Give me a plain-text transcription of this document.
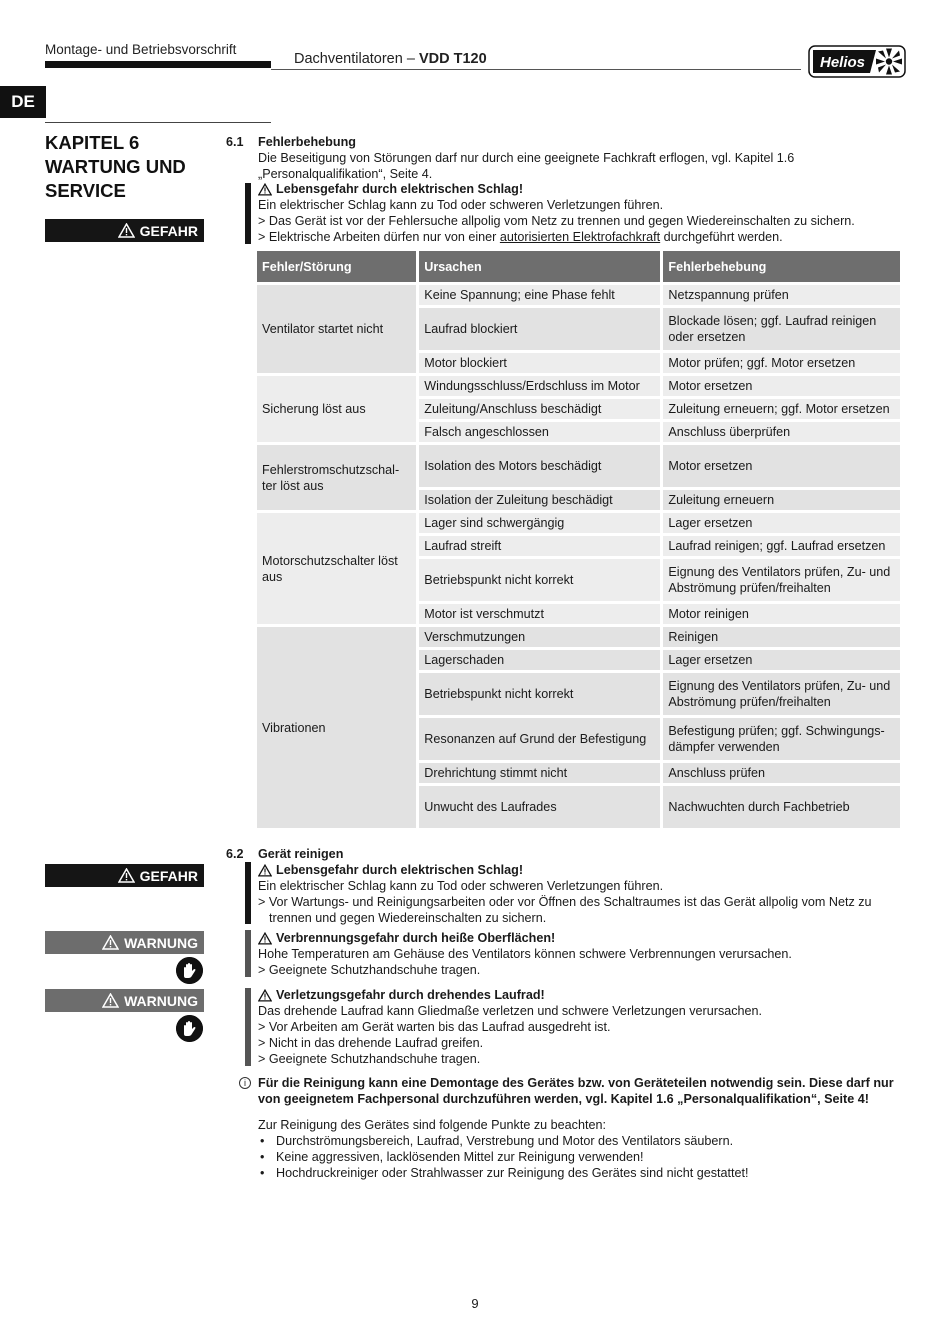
Montage- und Betriebsvorschrift
Dachventilatoren – VDD T120	Helios
DE
KAPITEL 6
WARTUNG UND
SERVICE
GEFAHR
6.1 Fehlerbehebung
Die Beseitigung von Störungen darf nur durch eine geeignete Fachkraft erflogen, vgl. Kapitel 1.6 „Personalqualifikation“, Seite 4.
Lebensgefahr durch elektrischen Schlag!
Ein elektrischer Schlag kann zu Tod oder schweren Verletzungen führen.
> Das Gerät ist vor der Fehlersuche allpolig vom Netz zu trennen und gegen Wiedereinschalten zu sichern.
> Elektrische Arbeiten dürfen nur von einer autorisierten Elektrofachkraft durchgeführt werden.
Fehler/Störung	Ursachen	Fehlerbehebung
Ventilator startet nicht	Keine Spannung; eine Phase fehlt	Netzspannung prüfen
	Laufrad blockiert	Blockade lösen; ggf. Laufrad reinigen oder ersetzen
	Motor blockiert	Motor prüfen; ggf. Motor ersetzen
Sicherung löst aus	Windungsschluss/Erdschluss im Motor	Motor ersetzen
	Zuleitung/Anschluss beschädigt	Zuleitung erneuern; ggf. Motor ersetzen
	Falsch angeschlossen	Anschluss überprüfen
Fehlerstromschutzschal-ter löst aus	Isolation des Motors beschädigt	Motor ersetzen
	Isolation der Zuleitung beschädigt	Zuleitung erneuern
Motorschutzschalter löst aus	Lager sind schwergängig	Lager ersetzen
	Laufrad streift	Laufrad reinigen; ggf. Laufrad ersetzen
	Betriebspunkt nicht korrekt	Eignung des Ventilators prüfen, Zu- und Abströmung prüfen/freihalten
	Motor ist verschmutzt	Motor reinigen
Vibrationen	Verschmutzungen	Reinigen
	Lagerschaden	Lager ersetzen
	Betriebspunkt nicht korrekt	Eignung des Ventilators prüfen, Zu- und Abströmung prüfen/freihalten
	Resonanzen auf Grund der Befestigung	Befestigung prüfen; ggf. Schwingungs-dämpfer verwenden
	Drehrichtung stimmt nicht	Anschluss prüfen
	Unwucht des Laufrades	Nachwuchten durch Fachbetrieb
6.2 Gerät reinigen
GEFAHR	Lebensgefahr durch elektrischen Schlag!
Ein elektrischer Schlag kann zu Tod oder schweren Verletzungen führen.
> Vor Wartungs- und Reinigungsarbeiten oder vor Öffnen des Schaltraumes ist das Gerät allpolig vom Netz zu trennen und gegen Wiedereinschalten zu sichern.
WARNUNG	Verbrennungsgefahr durch heiße Oberflächen!
Hohe Temperaturen am Gehäuse des Ventilators können schwere Verbrennungen verursachen.
> Geeignete Schutzhandschuhe tragen.
WARNUNG	Verletzungsgefahr durch drehendes Laufrad!
Das drehende Laufrad kann Gliedmaße verletzen und schwere Verletzungen verursachen.
> Vor Arbeiten am Gerät warten bis das Laufrad ausgedreht ist.
> Nicht in das drehende Laufrad greifen.
> Geeignete Schutzhandschuhe tragen.
i Für die Reinigung kann eine Demontage des Gerätes bzw. von Geräteteilen notwendig sein. Diese darf nur von geeignetem Fachpersonal durchzuführen werden, vgl. Kapitel 1.6 „Personalqualifikation“, Seite 4!
Zur Reinigung des Gerätes sind folgende Punkte zu beachten:
• Durchströmungsbereich, Laufrad, Verstrebung und Motor des Ventilators säubern.
• Keine aggressiven, lacklösenden Mittel zur Reinigung verwenden!
• Hochdruckreiniger oder Strahlwasser zur Reinigung des Gerätes sind nicht gestattet!
9
